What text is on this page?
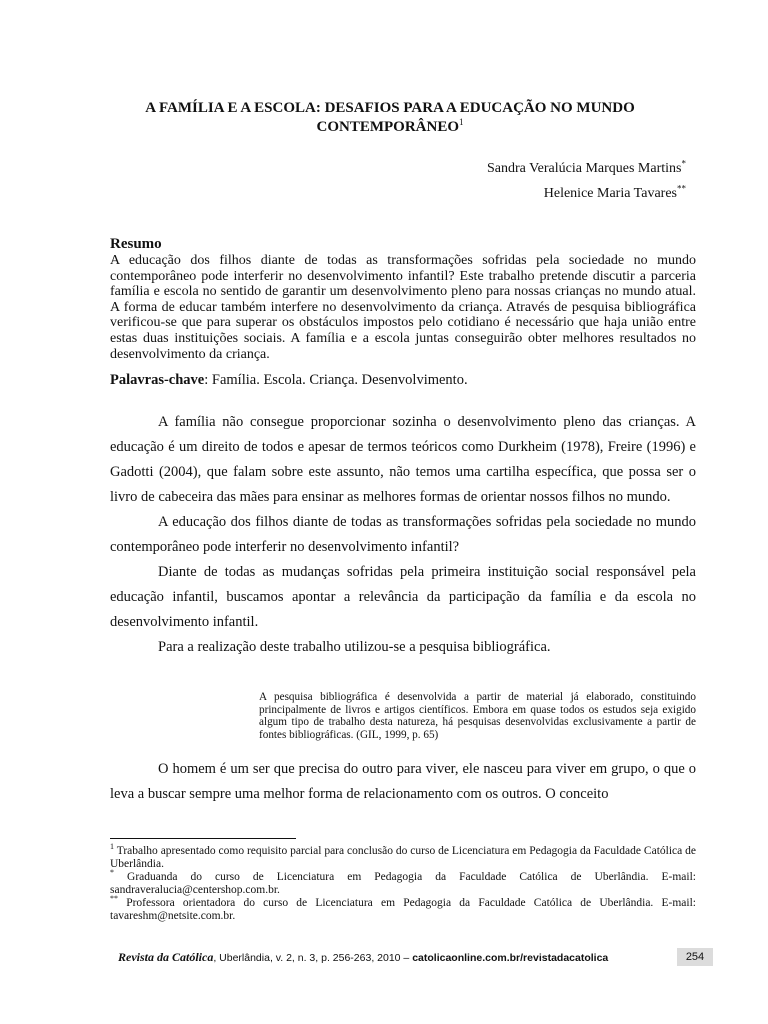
A FAMÍLIA E A ESCOLA: DESAFIOS PARA A EDUCAÇÃO NO MUNDO
CONTEMPORÂNEO$^1$
Sandra Veralúcia Marques Martins*
Helenice Maria Tavares**
Resumo
A educação dos filhos diante de todas as transformações sofridas pela sociedade no mundo contemporâneo pode interferir no desenvolvimento infantil? Este trabalho pretende discutir a parceria família e escola no sentido de garantir um desenvolvimento pleno para nossas crianças no mundo atual. A forma de educar também interfere no desenvolvimento da criança. Através de pesquisa bibliográfica verificou-se que para superar os obstáculos impostos pelo cotidiano é necessário que haja união entre estas duas instituições sociais. A família e a escola juntas conseguirão obter melhores resultados no desenvolvimento da criança.
Palavras-chave: Família. Escola. Criança. Desenvolvimento.

A família não consegue proporcionar sozinha o desenvolvimento pleno das crianças. A educação é um direito de todos e apesar de termos teóricos como Durkheim (1978), Freire (1996) e Gadotti (2004), que falam sobre este assunto, não temos uma cartilha específica, que possa ser o livro de cabeceira das mães para ensinar as melhores formas de orientar nossos filhos no mundo.

A educação dos filhos diante de todas as transformações sofridas pela sociedade no mundo contemporâneo pode interferir no desenvolvimento infantil?

Diante de todas as mudanças sofridas pela primeira instituição social responsável pela educação infantil, buscamos apontar a relevância da participação da família e da escola no desenvolvimento infantil.

Para a realização deste trabalho utilizou-se a pesquisa bibliográfica.

A pesquisa bibliográfica é desenvolvida a partir de material já elaborado, constituindo principalmente de livros e artigos científicos. Embora em quase todos os estudos seja exigido algum tipo de trabalho desta natureza, há pesquisas desenvolvidas exclusivamente a partir de fontes bibliográficas. (GIL, 1999, p. 65)

O homem é um ser que precisa do outro para viver, ele nasceu para viver em grupo, o que o leva a buscar sempre uma melhor forma de relacionamento com os outros. O conceito

$^1$ Trabalho apresentado como requisito parcial para conclusão do curso de Licenciatura em Pedagogia da Faculdade Católica de Uberlândia.

* Graduanda do curso de Licenciatura em Pedagogia da Faculdade Católica de Uberlândia. E-mail: sandraveralucia@centershop.com.br.

** Professora orientadora do curso de Licenciatura em Pedagogia da Faculdade Católica de Uberlândia. E-mail: tavareshm@netsite.com.br.

Revista da Católica, Uberlândia, v. 2, n. 3, p. 256-263, 2010 – catolicaonline.com.br/revistadacatolica	254
